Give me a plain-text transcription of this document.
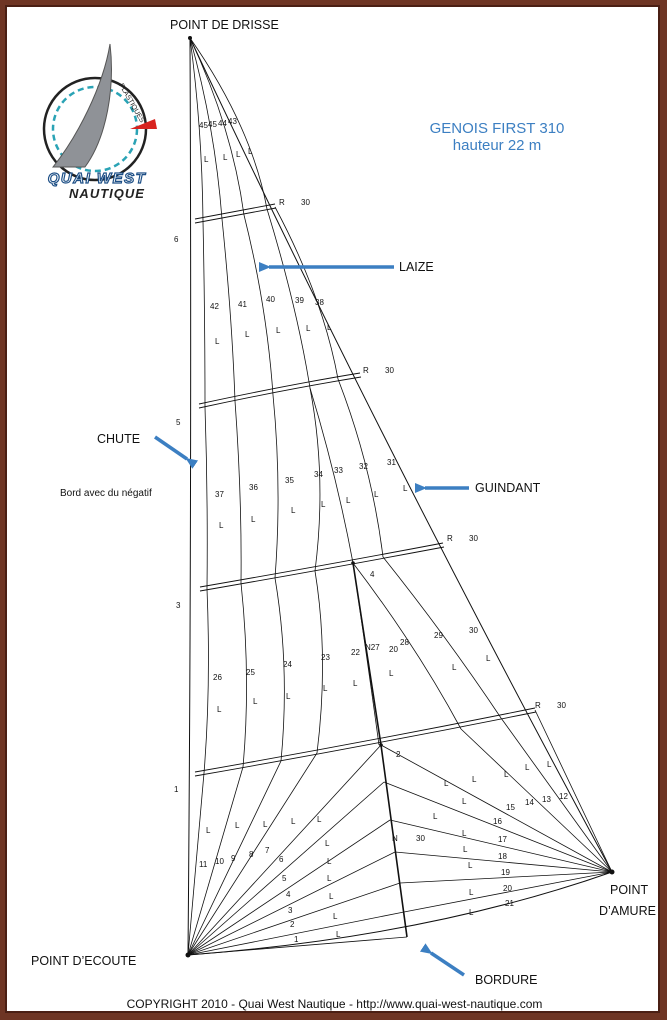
PLASTIQUES
QUAI WEST
NAUTIQUE
6
5
3
1
R 30
R 30
R 30
R 30
45 45 44 43
42 41
40	39 38
37
36
35
34 33 32 31
26
25
24
23
22
N27 20
28
29
30
4
2
15
14 13 12
16
N 30	17
18
19
20
21
11 10 9 8 7
6
5
4
3
2
1
L L L L
L
L	L	L L
L
L
L
L	L
L
L
L
L
L
L
L
L
L
L
L
L
L
L
L L
L
L
L
L
L
L
L
L	L	L	L
L
L
L
L
L
L
POINT DE DRISSE
GENOIS FIRST 310
hauteur 22 m
LAIZE
CHUTE
Bord avec du négatif	GUINDANT
POINT
D’AMURE
POINT D’ECOUTE
BORDURE
COPYRIGHT 2010 - Quai West Nautique - http://www.quai-west-nautique.com
